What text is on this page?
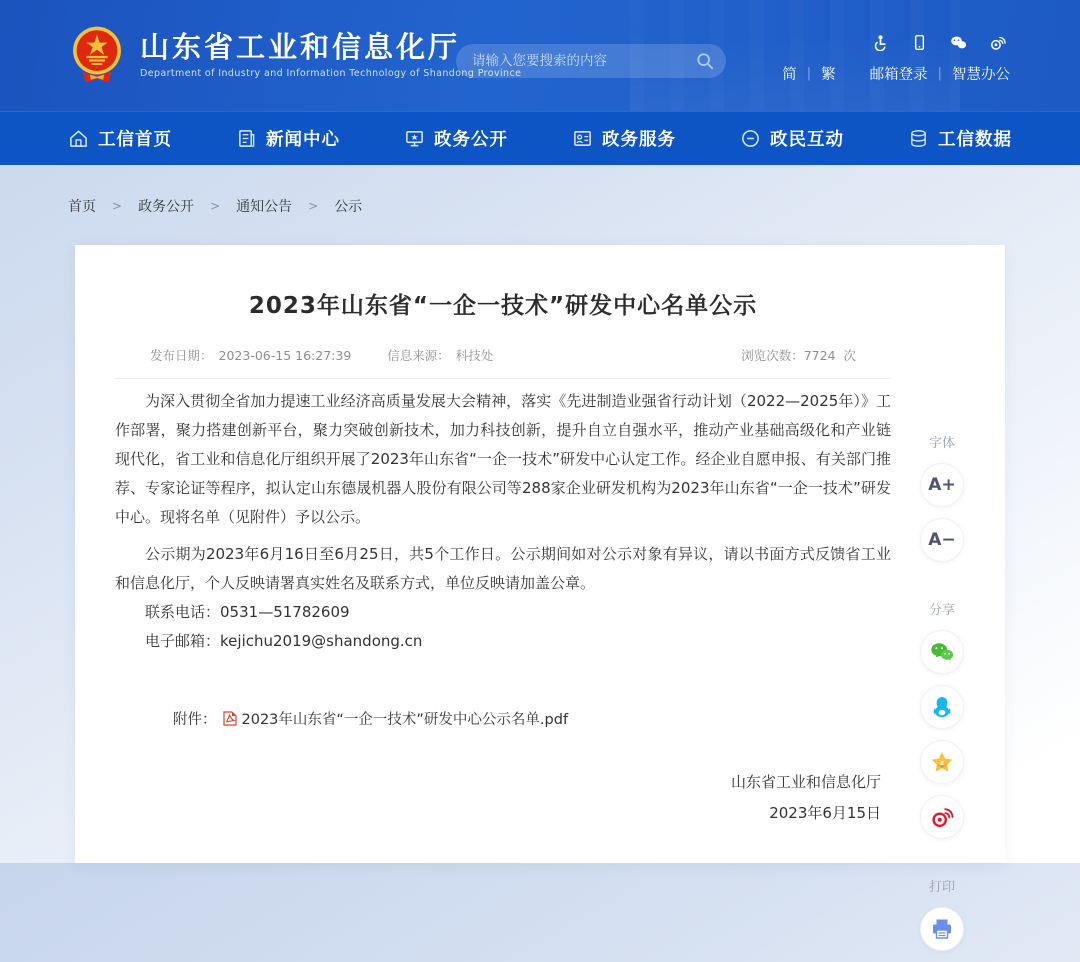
山东省工业和信息化厅
Department of Industry and Information Technology of Shandong Province
请输入您要搜索的内容	简 | 繁 邮箱登录 | 智慧办公
工信首页	新闻中心	政务公开	政务服务	政民互动	工信数据
首页 > 政务公开 > 通知公告 > 公示
2023年山东省“一企一技术”研发中心名单公示
发布日期： 2023-06-15 16:27:39	信息来源： 科技处	浏览次数：7724 次

为深入贯彻全省加力提速工业经济高质量发展大会精神，落实《先进制造业强省行动计划（2022—2025年）》工作部署，聚力搭建创新平台，聚力突破创新技术，加力科技创新，提升自立自强水平，推动产业基础高级化和产业链现代化，省工业和信息化厅组织开展了2023年山东省“一企一技术”研发中心认定工作。经企业自愿申报、有关部门推荐、专家论证等程序，拟认定山东德晟机器人股份有限公司等288家企业研发机构为2023年山东省“一企一技术”研发中心。现将名单（见附件）予以公示。

公示期为2023年6月16日至6月25日，共5个工作日。公示期间如对公示对象有异议，请以书面方式反馈省工业和信息化厅，个人反映请署真实姓名及联系方式，单位反映请加盖公章。

联系电话：0531—51782609
电子邮箱：kejichu2019@shandong.cn
附件： 2023年山东省“一企一技术”研发中心公示名单.pdf
山东省工业和信息化厅
2023年6月15日
字体
A+
A−
分享
z
打印
